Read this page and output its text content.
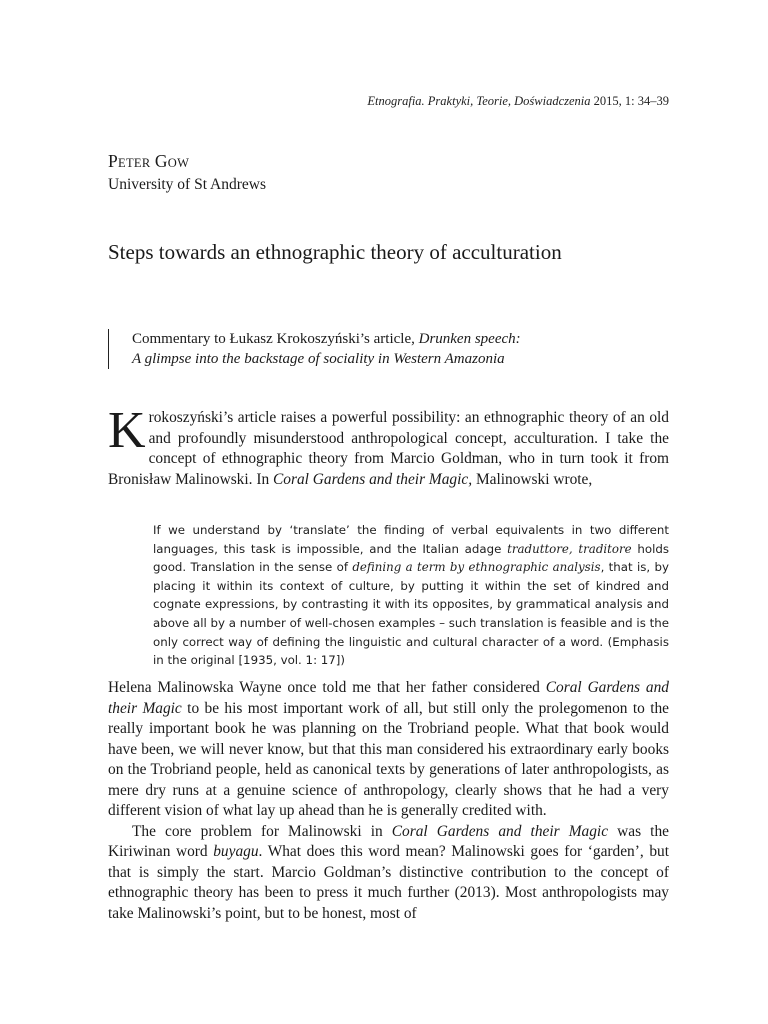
Etnografia. Praktyki, Teorie, Doświadczenia 2015, 1: 34–39
PETER GOW
University of St Andrews
Steps towards an ethnographic theory of acculturation
Commentary to Łukasz Krokoszyński’s article, Drunken speech:
A glimpse into the backstage of sociality in Western Amazonia

Krokoszyński’s article raises a powerful possibility: an ethnographic theory of an old and profoundly misunderstood anthropological concept, acculturation. I take the concept of ethnographic theory from Marcio Goldman, who in turn took it from Bronisław Malinowski. In Coral Gardens and their Magic, Malinowski wrote,

If we understand by ‘translate’ the finding of verbal equivalents in two different languages, this task is impossible, and the Italian adage traduttore, traditore holds good. Translation in the sense of defining a term by ethnographic analysis, that is, by placing it within its context of culture, by putting it within the set of kindred and cognate expressions, by contrasting it with its opposites, by grammatical analysis and above all by a number of well-chosen examples – such translation is feasible and is the only correct way of defining the linguistic and cultural character of a word. (Emphasis in the original [1935, vol. 1: 17])

Helena Malinowska Wayne once told me that her father considered Coral Gardens and their Magic to be his most important work of all, but still only the prolegomenon to the really important book he was planning on the Trobriand people. What that book would have been, we will never know, but that this man considered his extraordinary early books on the Trobriand people, held as canonical texts by generations of later anthropologists, as mere dry runs at a genuine science of anthropology, clearly shows that he had a very different vision of what lay up ahead than he is generally credited with.

The core problem for Malinowski in Coral Gardens and their Magic was the Kiriwinan word buyagu. What does this word mean? Malinowski goes for ‘garden’, but that is simply the start. Marcio Goldman’s distinctive contribution to the concept of ethnographic theory has been to press it much further (2013). Most anthropologists may take Malinowski’s point, but to be honest, most of
